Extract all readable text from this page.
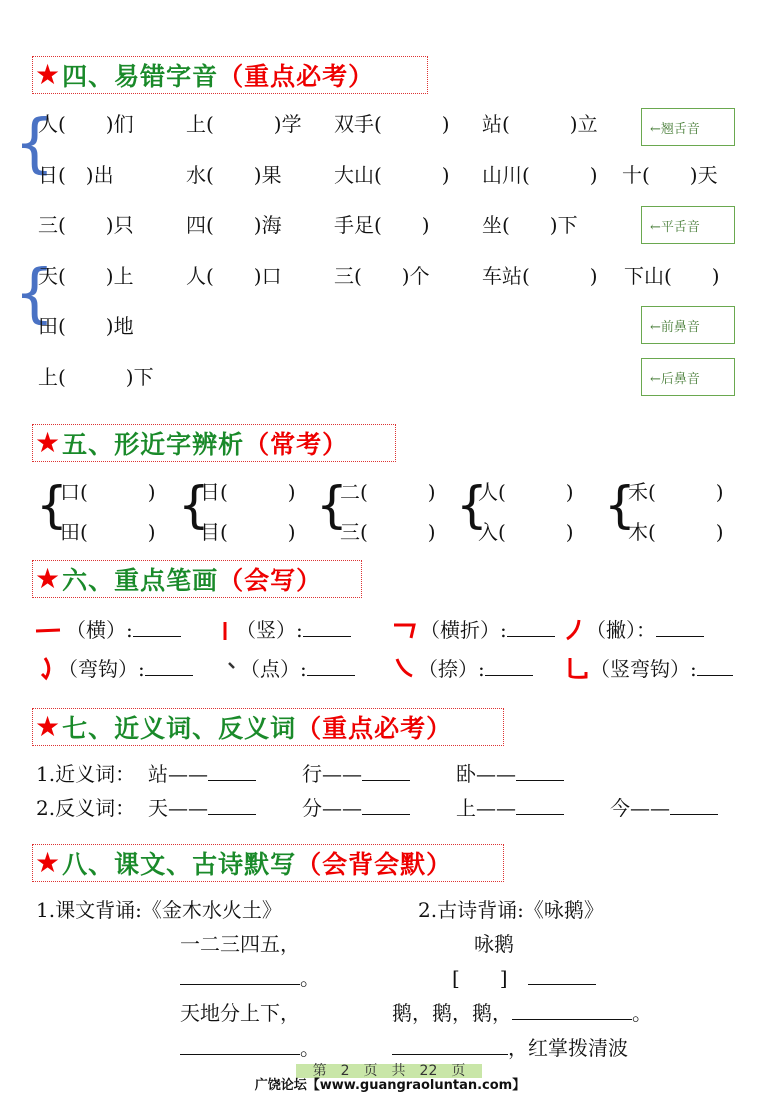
★ 四、易错字音 （重点必考）
{
{
人(　　)们	上(　　　)学 双手(　　　) 站(　　　)立	←翘舌音
日(　)出	水(　　)果	大山(　　　) 山川(　　　) 十(　　)天
三(　　)只	四(　　)海	手足(　　)	坐(　　)下	←平舌音
天(　　)上	人(　　)口	三(　　)个	车站(　　　) 下山(　　)
田(　　)地	←前鼻音
上(　　　)下	←后鼻音
★ 五、形近字辨析 （常考）
{
口(　　　)
田(　　　) {
日(　　　)
目(　　　) {
二(　　　)
三(　　　) {
人(　　　)
入(　　　) {
禾(　　　)
木(　　　)
★ 六、重点笔画 （会写）
（横）:	（竖）:	（横折）:	（撇）：
（弯钩）:	（点）:	（捺）:	（竖弯钩）:
★ 七、近义词、反义词 （重点必考）
1.近义词： 站——	行——	卧——
2.反义词： 天——	分——	上——	今——
★ 八、课文、古诗默写 （会背会默）
1.课文背诵:《金木水火土》	2.古诗背诵:《咏鹅》
一二三四五，	咏鹅
。	[　　]　
天地分上下，	鹅，鹅，鹅，	。
。	，红掌拨清波
第　2　页　共　22　页
广饶论坛【www.guangraoluntan.com】
